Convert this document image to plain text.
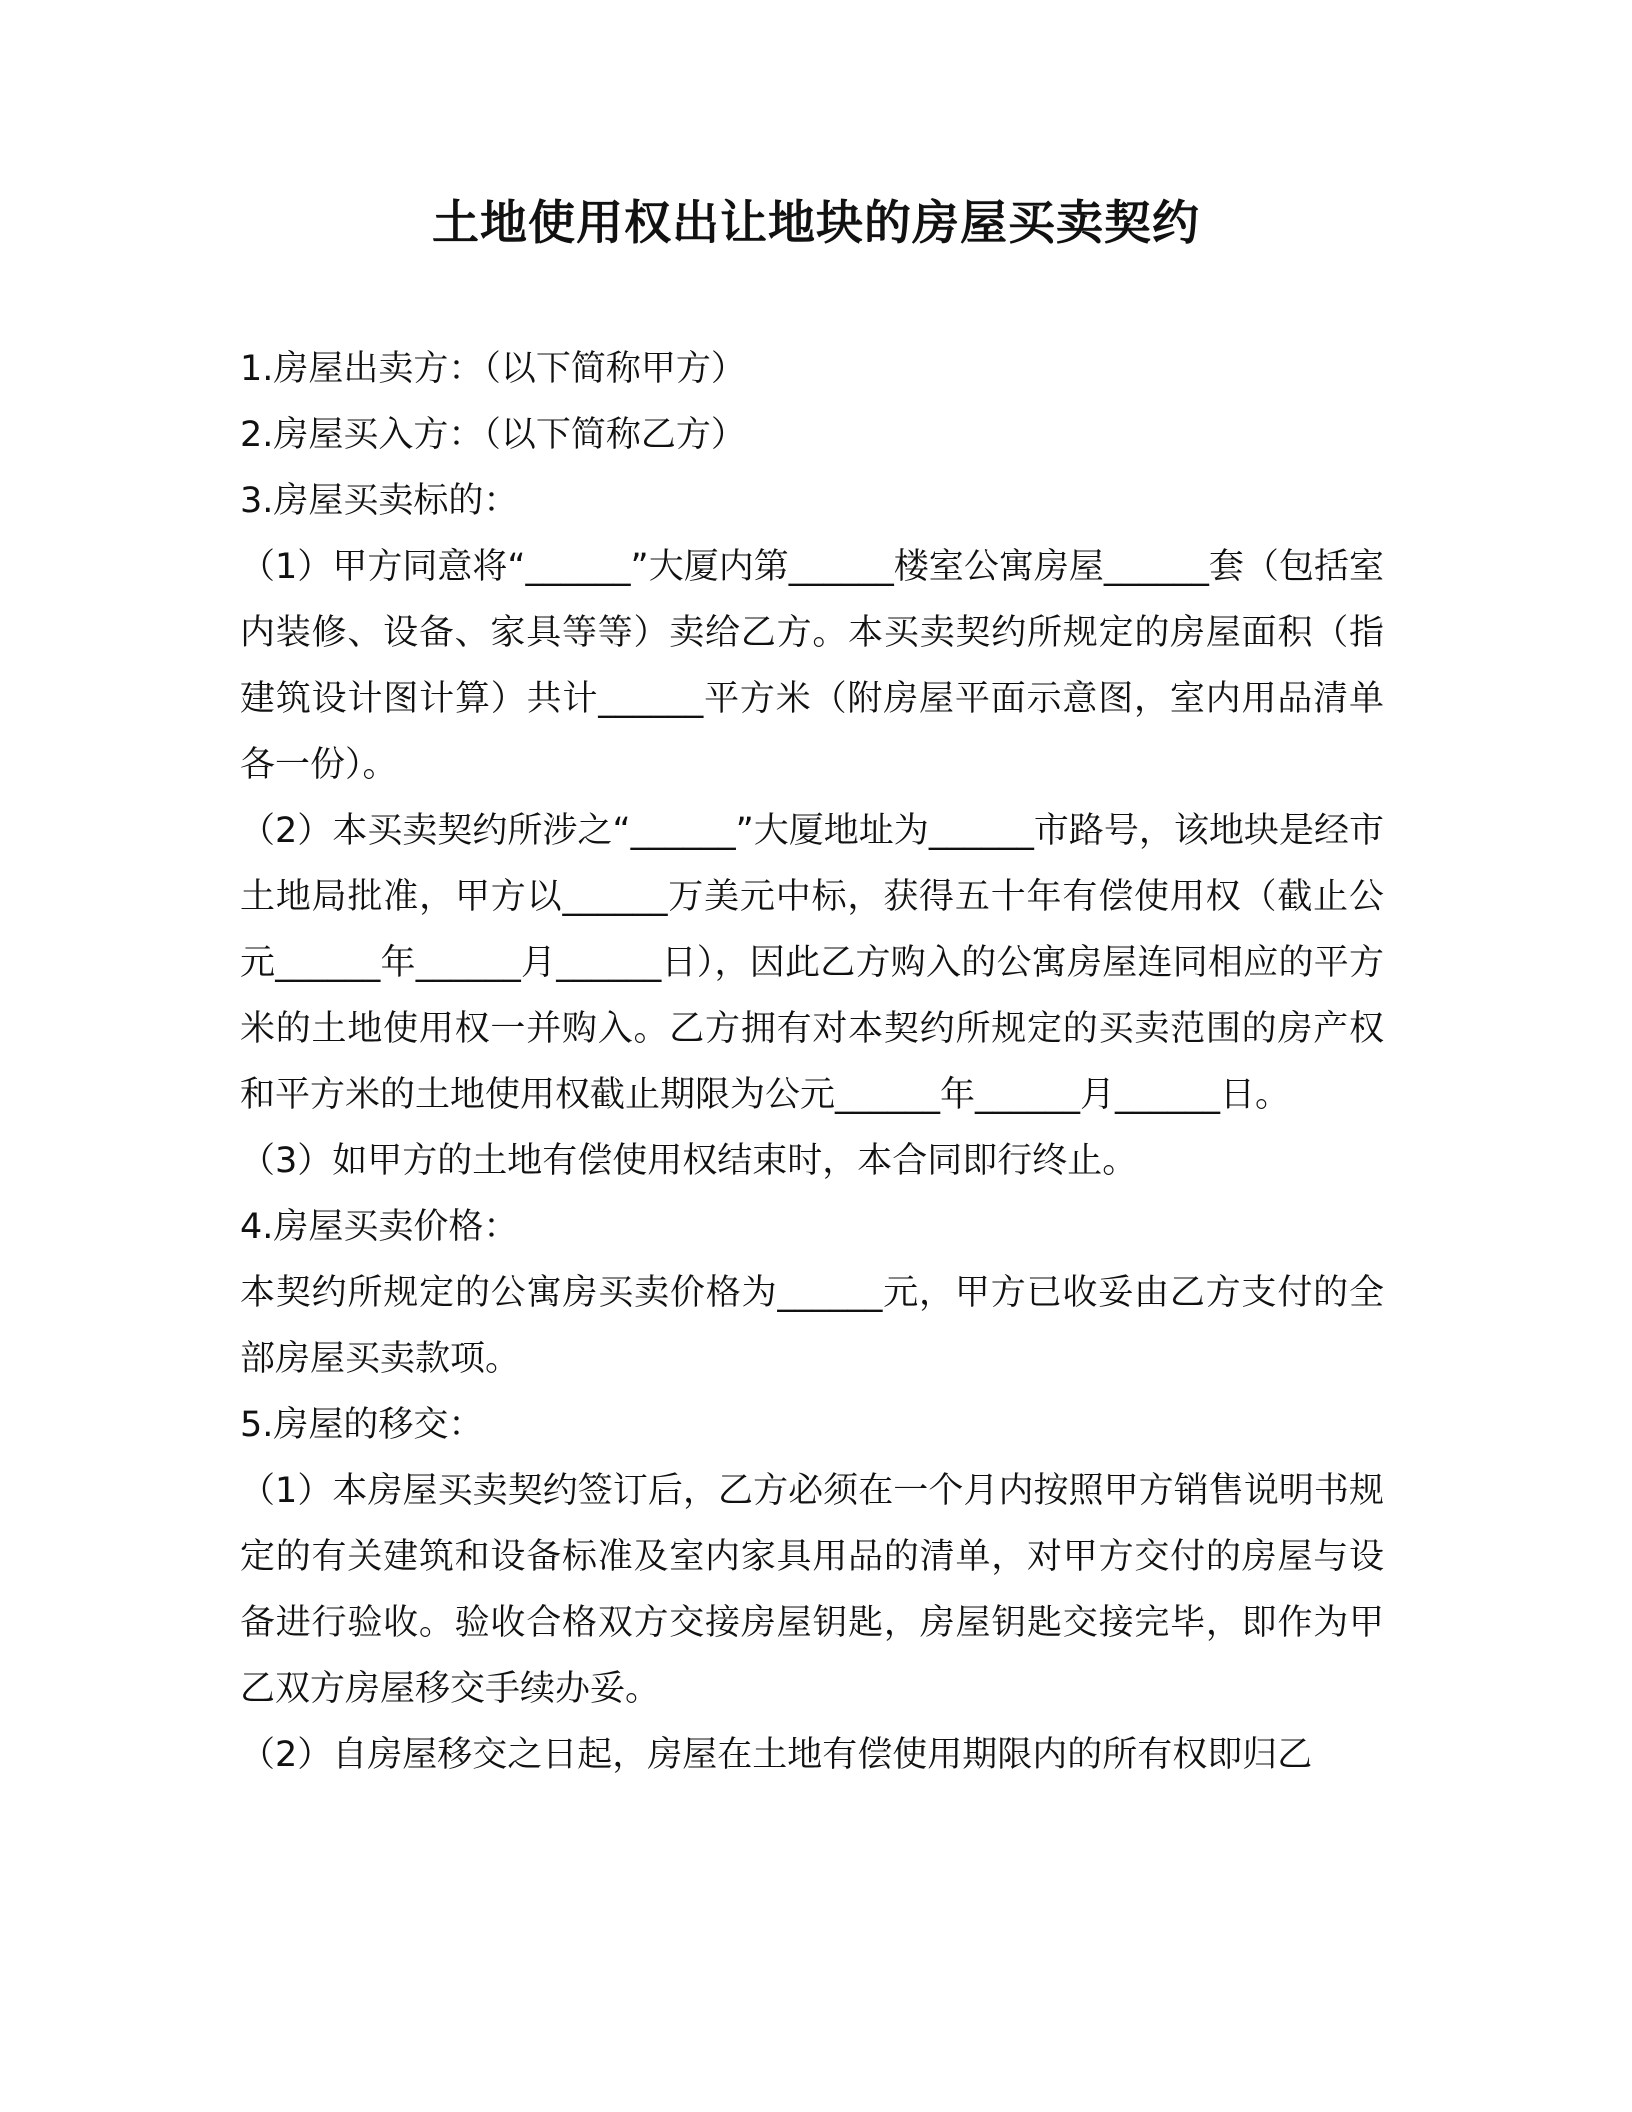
土地使用权出让地块的房屋买卖契约

1.房屋出卖方：（以下简称甲方）

2.房屋买入方：（以下简称乙方）

3.房屋买卖标的：

（1）甲方同意将“______”大厦内第______楼室公寓房屋______套（包括室内装修、设备、家具等等）卖给乙方。本买卖契约所规定的房屋面积（指建筑设计图计算）共计______平方米（附房屋平面示意图，室内用品清单各一份）。

（2）本买卖契约所涉之“______”大厦地址为______市路号，该地块是经市土地局批准，甲方以______万美元中标，获得五十年有偿使用权（截止公元______年______月______日），因此乙方购入的公寓房屋连同相应的平方米的土地使用权一并购入。乙方拥有对本契约所规定的买卖范围的房产权和平方米的土地使用权截止期限为公元______年______月______日。

（3）如甲方的土地有偿使用权结束时，本合同即行终止。

4.房屋买卖价格：

本契约所规定的公寓房买卖价格为______元，甲方已收妥由乙方支付的全部房屋买卖款项。

5.房屋的移交：

（1）本房屋买卖契约签订后，乙方必须在一个月内按照甲方销售说明书规定的有关建筑和设备标准及室内家具用品的清单，对甲方交付的房屋与设备进行验收。验收合格双方交接房屋钥匙，房屋钥匙交接完毕，即作为甲乙双方房屋移交手续办妥。

（2）自房屋移交之日起，房屋在土地有偿使用期限内的所有权即归乙
